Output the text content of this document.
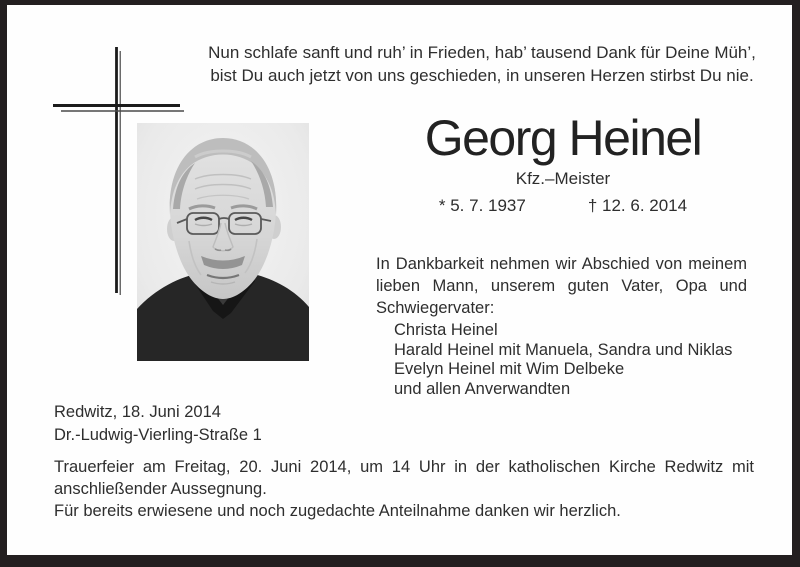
Nun schlafe sanft und ruh’ in Frieden, hab’ tausend Dank für Deine Müh’,
bist Du auch jetzt von uns geschieden, in unseren Herzen stirbst Du nie.
Georg Heinel
Kfz.–Meister
* 5. 7. 1937	† 12. 6. 2014

In Dankbarkeit nehmen wir Abschied von meinem lieben Mann, unserem guten Vater, Opa und Schwiegervater:

Christa Heinel
Harald Heinel mit Manuela, Sandra und Niklas
Evelyn Heinel mit Wim Delbeke
und allen Anverwandten
Redwitz, 18. Juni 2014
Dr.-Ludwig-Vierling-Straße 1

Trauerfeier am Freitag, 20. Juni 2014, um 14 Uhr in der katholischen Kirche Redwitz mit anschließender Aussegnung.

Für bereits erwiesene und noch zugedachte Anteilnahme danken wir herzlich.
